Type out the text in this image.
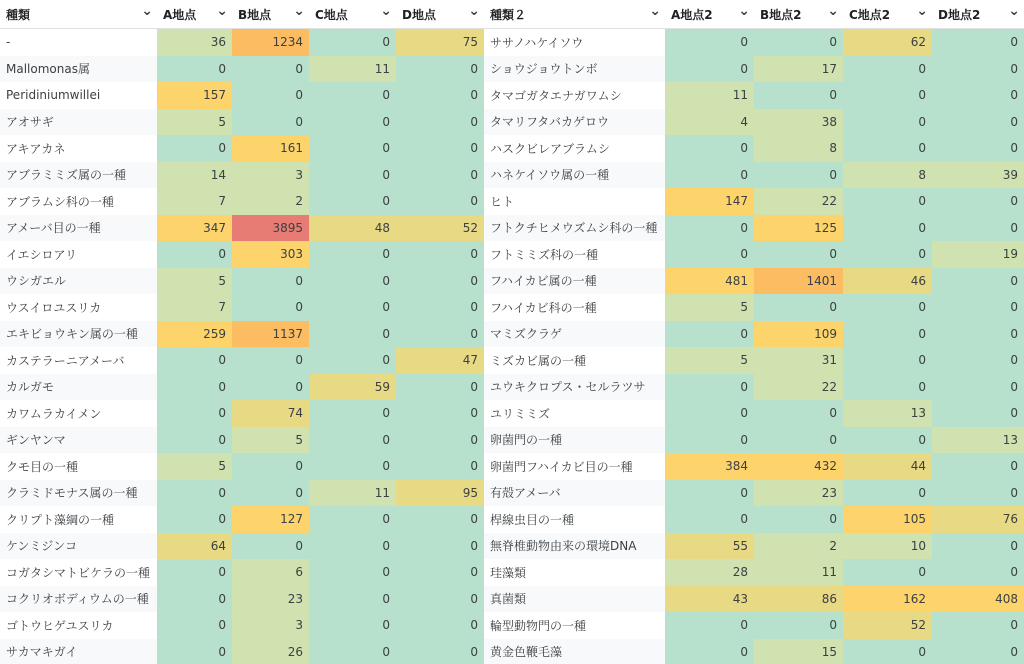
種類 ⌄	A地点 ⌄	B地点 ⌄	C地点 ⌄	D地点 ⌄	種類２ ⌄	A地点2 ⌄	B地点2 ⌄	C地点2 ⌄	D地点2 ⌄

-	36	1234	0	75	ササノハケイソウ	0	0	62	0
Mallomonas属	0	0	11	0	ショウジョウトンボ	0	17	0	0
Peridiniumwillei	157	0	0	0	タマゴガタエナガワムシ	11	0	0	0
アオサギ	5	0	0	0	タマリフタバカゲロウ	4	38	0	0
アキアカネ	0	161	0	0	ハスクビレアブラムシ	0	8	0	0
アブラミミズ属の一種	14	3	0	0	ハネケイソウ属の一種	0	0	8	39
アブラムシ科の一種	7	2	0	0	ヒト	147	22	0	0
アメーバ目の一種	347	3895	48	52	フトクチヒメウズムシ科の一種	0	125	0	0
イエシロアリ	0	303	0	0	フトミミズ科の一種	0	0	0	19
ウシガエル	5	0	0	0	フハイカビ属の一種	481	1401	46	0
ウスイロユスリカ	7	0	0	0	フハイカビ科の一種	5	0	0	0
エキビョウキン属の一種	259	1137	0	0	マミズクラゲ	0	109	0	0
カステラーニアメーバ	0	0	0	47	ミズカビ属の一種	5	31	0	0
カルガモ	0	0	59	0	ユウキクロプス・セルラツサ	0	22	0	0
カワムラカイメン	0	74	0	0	ユリミミズ	0	0	13	0
ギンヤンマ	0	5	0	0	卵菌門の一種	0	0	0	13
クモ目の一種	5	0	0	0	卵菌門フハイカビ目の一種	384	432	44	0
クラミドモナス属の一種	0	0	11	95	有殻アメーバ	0	23	0	0
クリプト藻綱の一種	0	127	0	0	桿線虫目の一種	0	0	105	76
ケンミジンコ	64	0	0	0	無脊椎動物由来の環境DNA	55	2	10	0
コガタシマトビケラの一種	0	6	0	0	珪藻類	28	11	0	0
コクリオボディウムの一種	0	23	0	0	真菌類	43	86	162	408
ゴトウヒゲユスリカ	0	3	0	0	輪型動物門の一種	0	0	52	0
サカマキガイ	0	26	0	0	黄金色鞭毛藻	0	15	0	0
